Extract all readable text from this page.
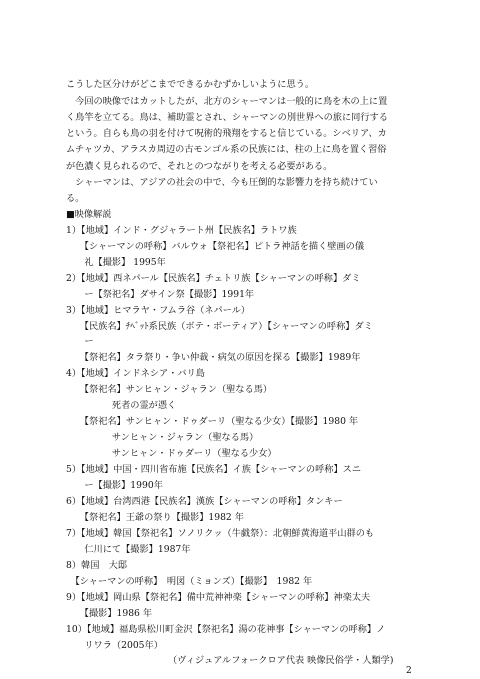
こうした区分けがどこまでできるかむずかしいように思う。
　今回の映像ではカットしたが、北方のシャーマンは一般的に鳥を木の上に置
く鳥竿を立てる。鳥は、補助霊とされ、シャーマンの別世界への旅に同行する
という。自らも鳥の羽を付けて呪術的飛翔をすると信じている。シベリア、カ
ムチャツカ、アラスカ周辺の古モンゴル系の民族には、柱の上に鳥を置く習俗
が色濃く見られるので、それとのつながりを考える必要がある。
　シャーマンは、アジアの社会の中で、今も圧倒的な影響力を持ち続けてい
る。
■映像解説
1）【地域】インド・グジャラート州【民族名】ラトワ族
　　【シャーマンの呼称】バルウォ【祭祀名】ピトラ神話を描く壁画の儀
　　礼【撮影】 1995年
2）【地域】西ネパール【民族名】チェトリ族【シャーマンの呼称】ダミ
　　ー【祭祀名】ダサイン祭【撮影】1991年
3）【地域】ヒマラヤ・フムラ谷（ネパール）
　　【民族名】ﾁﾍﾞｯﾄ系民族（ボテ・ボーティア）【シャーマンの呼称】ダミ
　　ー
　　【祭祀名】タラ祭り・争い仲裁・病気の原因を探る【撮影】1989年
4）【地域】インドネシア・バリ島
　　【祭祀名】サンヒャン・ジャラン（聖なる馬）
　　　　　死者の霊が憑く
　　【祭祀名】サンヒャン・ドゥダーリ（聖なる少女）【撮影】1980 年
　　　　　サンヒャン・ジャラン（聖なる馬）
　　　　　サンヒャン・ドゥダーリ（聖なる少女）
5）【地域】中国・四川省布施【民族名】イ族【シャーマンの呼称】スニ
　　ー【撮影】1990年
6）【地域】台湾西港【民族名】漢族【シャーマンの呼称】タンキー
　　【祭祀名】王爺の祭り【撮影】1982 年
7）【地域】韓国【祭祀名】ソノリクッ（牛戯祭）：北朝鮮黄海道平山群のも
　　仁川にて【撮影】1987年
8）韓国　大邸
　【シャーマンの呼称】　明図（ミョンズ）【撮影】　1982 年
9）【地域】岡山県【祭祀名】備中荒神神楽【シャーマンの呼称】神楽太夫
　　【撮影】1986 年
10）【地域】福島県松川町金沢【祭祀名】湯の花神事【シャーマンの呼称】ノ
　　リワラ（2005年）
（ヴィジュアルフォークロア代表 映像民俗学・人類学)
2
